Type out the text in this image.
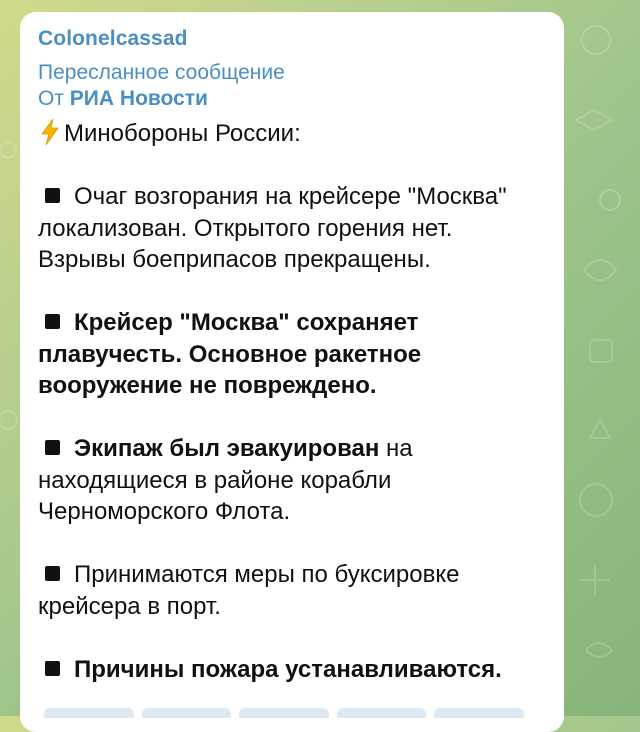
Colonelcassad
Пересланное сообщение
От РИА Новости

Минобороны России:

Очаг возгорания на крейсере "Москва" локализован. Открытого горения нет. Взрывы боеприпасов прекращены.

Крейсер "Москва" сохраняет плавучесть. Основное ракетное вооружение не повреждено.

Экипаж был эвакуирован на находящиеся в районе корабли Черноморского Флота.

Принимаются меры по буксировке крейсера в порт.

Причины пожара устанавливаются.
